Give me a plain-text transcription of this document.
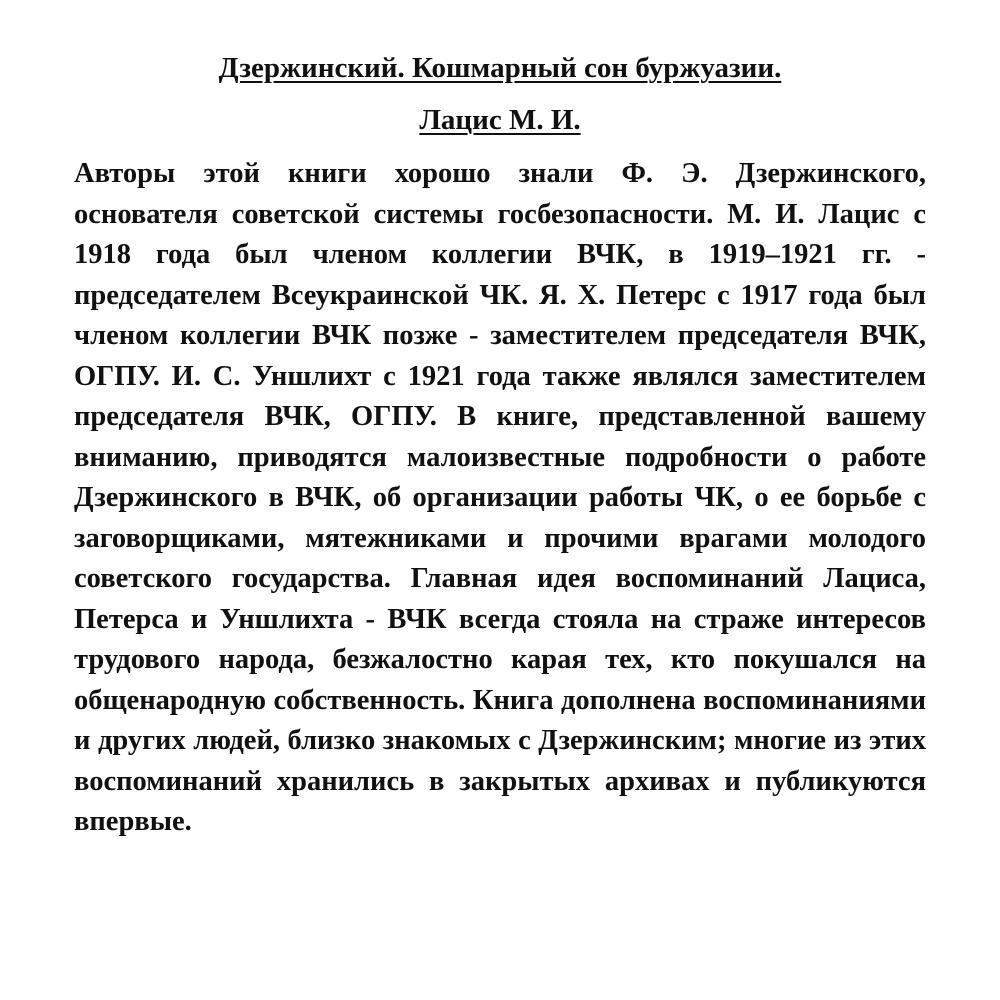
Дзержинский. Кошмарный сон буржуазии.
Лацис М. И.

Авторы этой книги хорошо знали Ф. Э. Дзержинского, основателя советской системы госбезопасности. М. И. Лацис с 1918 года был членом коллегии ВЧК, в 1919–1921 гг. - председателем Всеукраинской ЧК. Я. Х. Петерс с 1917 года был членом коллегии ВЧК позже - заместителем председателя ВЧК, ОГПУ. И. С. Уншлихт с 1921 года также являлся заместителем председателя ВЧК, ОГПУ. В книге, представленной вашему вниманию, приводятся малоизвестные подробности о работе Дзержинского в ВЧК, об организации работы ЧК, о ее борьбе с заговорщиками, мятежниками и прочими врагами молодого советского государства. Главная идея воспоминаний Лациса, Петерса и Уншлихта - ВЧК всегда стояла на страже интересов трудового народа, безжалостно карая тех, кто покушался на общенародную собственность. Книга дополнена воспоминаниями и других людей, близко знакомых с Дзержинским; многие из этих воспоминаний хранились в закрытых архивах и публикуются впервые.
